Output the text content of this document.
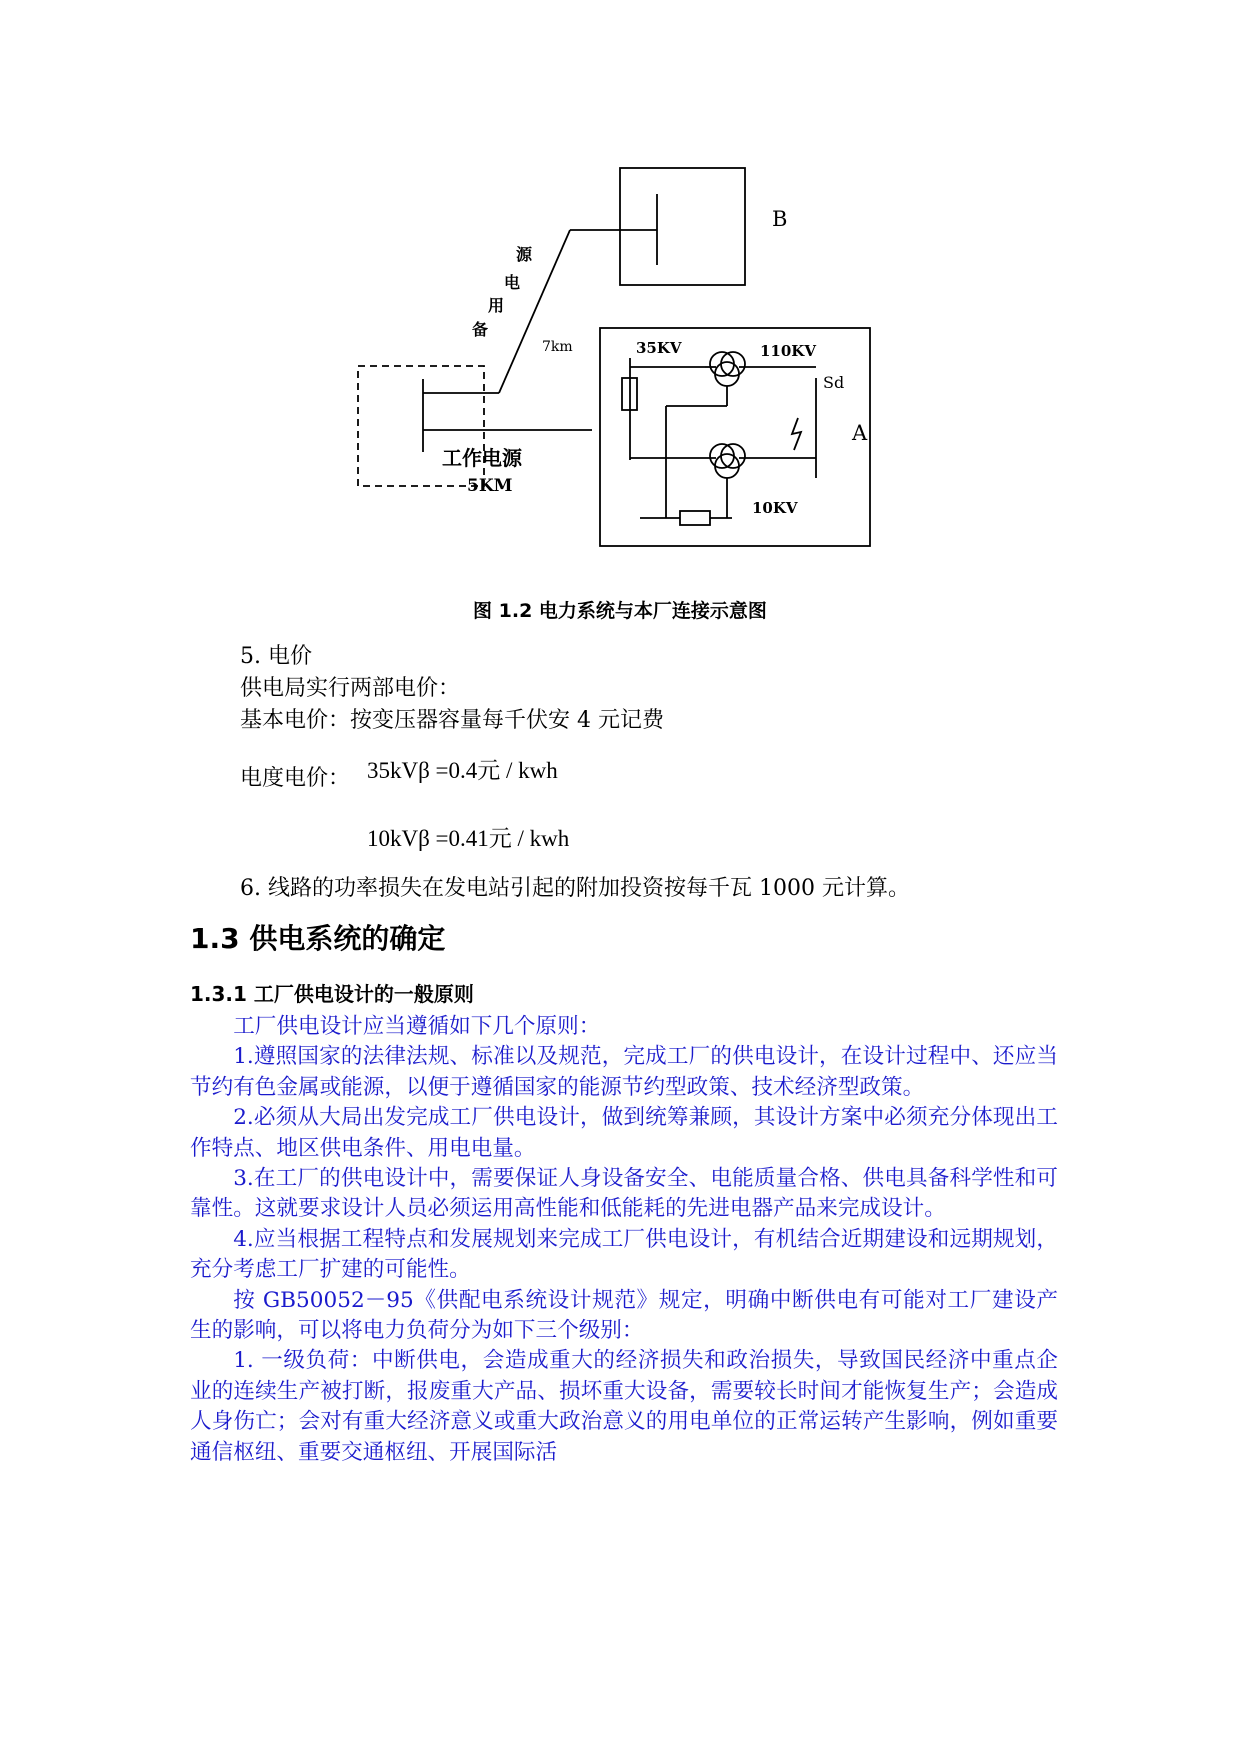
B
A
35KV	110KV
10KV
Sd
源
电
用
备
7km
工作电源
5KM
图 1.2 电力系统与本厂连接示意图
5. 电价
供电局实行两部电价：
基本电价：按变压器容量每千伏安 4 元记费
电度电价： 35kVβ =0.4元 / kwh
10kVβ =0.41元 / kwh
6. 线路的功率损失在发电站引起的附加投资按每千瓦 1000 元计算。
1.3 供电系统的确定
1.3.1 工厂供电设计的一般原则

工厂供电设计应当遵循如下几个原则：

1.遵照国家的法律法规、标准以及规范，完成工厂的供电设计，在设计过程中、还应当节约有色金属或能源，以便于遵循国家的能源节约型政策、技术经济型政策。

2.必须从大局出发完成工厂供电设计，做到统筹兼顾，其设计方案中必须充分体现出工作特点、地区供电条件、用电电量。

3.在工厂的供电设计中，需要保证人身设备安全、电能质量合格、供电具备科学性和可靠性。这就要求设计人员必须运用高性能和低能耗的先进电器产品来完成设计。

4.应当根据工程特点和发展规划来完成工厂供电设计，有机结合近期建设和远期规划，充分考虑工厂扩建的可能性。

按 GB50052－95《供配电系统设计规范》规定，明确中断供电有可能对工厂建设产生的影响，可以将电力负荷分为如下三个级别：

1. 一级负荷：中断供电，会造成重大的经济损失和政治损失，导致国民经济中重点企业的连续生产被打断，报废重大产品、损坏重大设备，需要较长时间才能恢复生产；会造成人身伤亡；会对有重大经济意义或重大政治意义的用电单位的正常运转产生影响，例如重要通信枢纽、重要交通枢纽、开展国际活
